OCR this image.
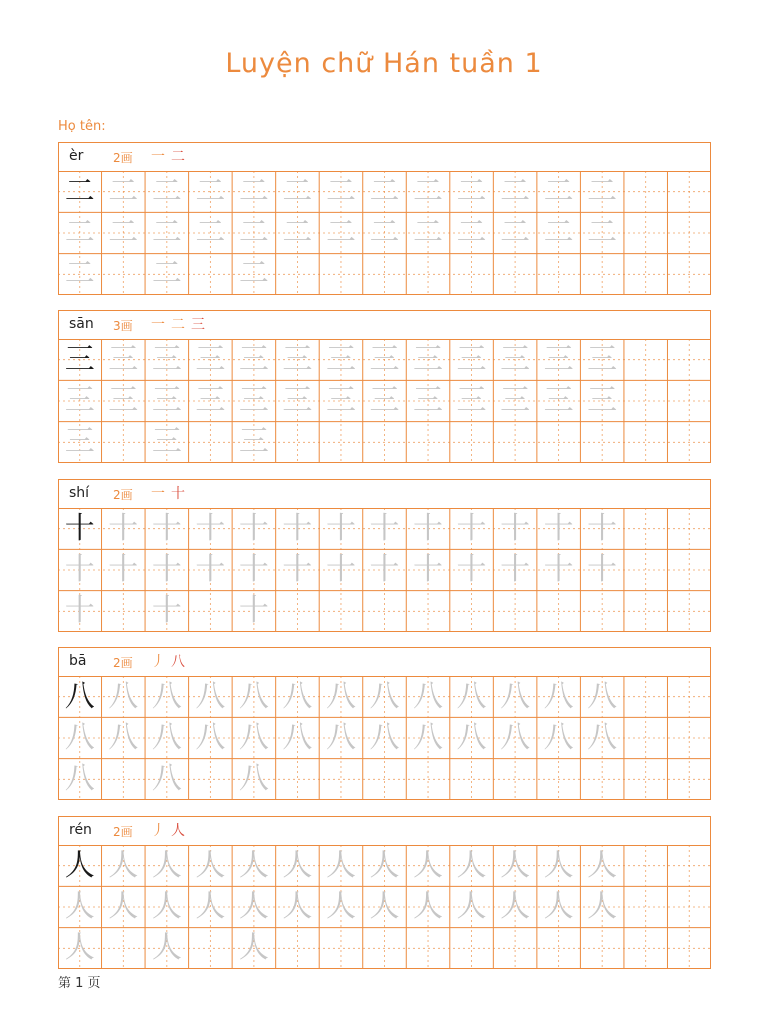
Luyện chữ Hán tuần 1
Họ tên:
èr 2画 一二
二 二 二 二 二 二 二 二 二 二 二 二 二
二 二 二 二 二 二 二 二 二 二 二 二 二
二 二 二
sān 3画 一二三
三 三 三 三 三 三 三 三 三 三 三 三 三
三 三 三 三 三 三 三 三 三 三 三 三 三
三 三 三
shí 2画 一十
十 十 十 十 十 十 十 十 十 十 十 十 十
十 十 十 十 十 十 十 十 十 十 十 十 十
十 十 十
bā 2画 丿八
八 八 八 八 八 八 八 八 八 八 八 八 八
八 八 八 八 八 八 八 八 八 八 八 八 八
八 八 八
rén 2画 丿人
人 人 人 人 人 人 人 人 人 人 人 人 人
人 人 人 人 人 人 人 人 人 人 人 人 人
人 人 人
第 1 页
